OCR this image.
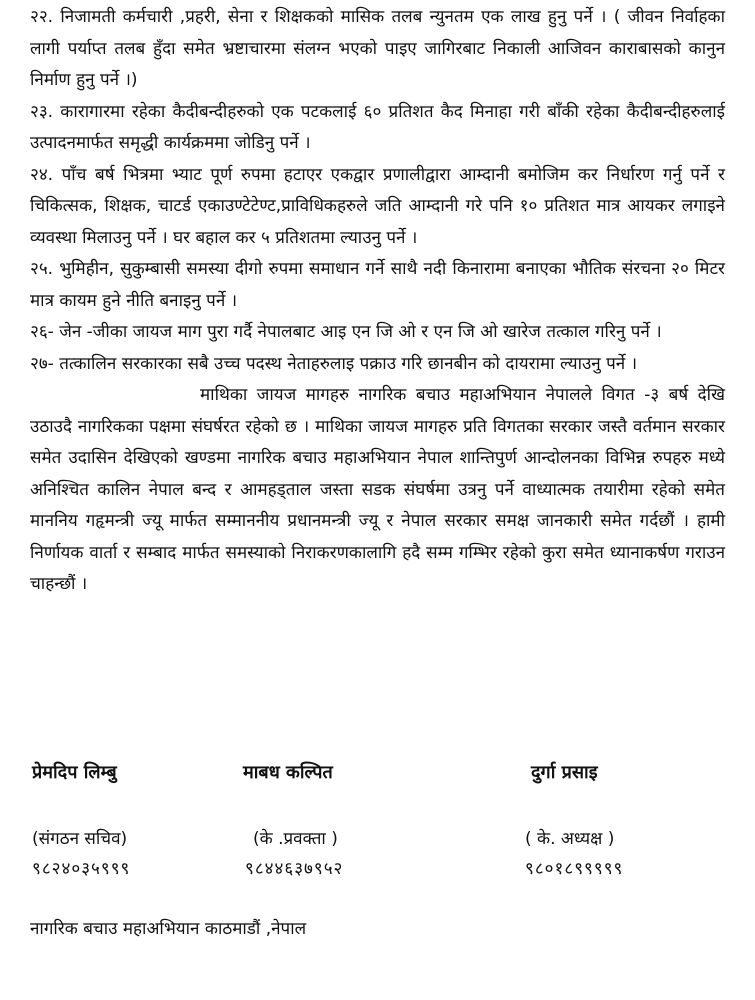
२२. निजामती कर्मचारी ,प्रहरी, सेना र शिक्षकको मासिक तलब न्युनतम एक लाख हुनु पर्ने । ( जीवन निर्वाहका लागी पर्याप्त तलब हुँदा समेत भ्रष्टाचारमा संलग्न भएको पाइए जागिरबाट निकाली आजिवन काराबासको कानुन निर्माण हुनु पर्ने ।)

२३. कारागारमा रहेका कैदीबन्दीहरुको एक पटकलाई ६० प्रतिशत कैद मिनाहा गरी बाँकी रहेका कैदीबन्दीहरुलाई उत्पादनमार्फत समृद्धी कार्यक्रममा जोडिनु पर्ने ।

२४. पाँच बर्ष भित्रमा भ्याट पूर्ण रुपमा हटाएर एकद्वार प्रणालीद्वारा आम्दानी बमोजिम कर निर्धारण गर्नु पर्ने र चिकित्सक, शिक्षक, चाटर्ड एकाउण्टेटेण्ट,प्राविधिकहरुले जति आम्दानी गरे पनि १० प्रतिशत मात्र आयकर लगाइने व्यवस्था मिलाउनु पर्ने । घर बहाल कर ५ प्रतिशतमा ल्याउनु पर्ने ।

२५. भुमिहीन, सुकुम्बासी समस्या दीगो रुपमा समाधान गर्ने साथै नदी किनारामा बनाएका भौतिक संरचना २० मिटर मात्र कायम हुने नीति बनाइनु पर्ने ।

२६- जेन -जीका जायज माग पुरा गर्दै नेपालबाट आइ एन जि ओ र एन जि ओ खारेज तत्काल गरिनु पर्ने ।

२७- तत्कालिन सरकारका सबै उच्च पदस्थ नेताहरुलाइ पक्राउ गरि छानबीन को दायरामा ल्याउनु पर्ने ।

माथिका जायज मागहरु नागरिक बचाउ महाअभियान नेपालले विगत -३ बर्ष देखि उठाउदै नागरिकका पक्षमा संघर्षरत रहेको छ । माथिका जायज मागहरु प्रति विगतका सरकार जस्तै वर्तमान सरकार समेत उदासिन देखिएको खण्डमा नागरिक बचाउ महाअभियान नेपाल शान्तिपुर्ण आन्दोलनका विभिन्न रुपहरु मध्ये अनिश्चित कालिन नेपाल बन्द र आमहड्ताल जस्ता सडक संघर्षमा उत्रनु पर्ने वाध्यात्मक तयारीमा रहेको समेत माननिय गहृमन्त्री ज्यू मार्फत सम्माननीय प्रधानमन्त्री ज्यू र नेपाल सरकार समक्ष जानकारी समेत गर्दछौं । हामी निर्णायक वार्ता र सम्बाद मार्फत समस्याको निराकरणकालागि हदै सम्म गम्भिर रहेको कुरा समेत ध्यानाकर्षण गराउन चाहन्छौं ।

प्रेमदिप लिम्बु
(संगठन सचिव)
९८२४०३५९९९
माबध कल्पित
(के .प्रवक्ता )
९८४४६३७९५२
दुर्गा प्रसाइ
( के. अध्यक्ष )
९८०१८९९९९९
नागरिक बचाउ महाअभियान काठमाडौं ,नेपाल
